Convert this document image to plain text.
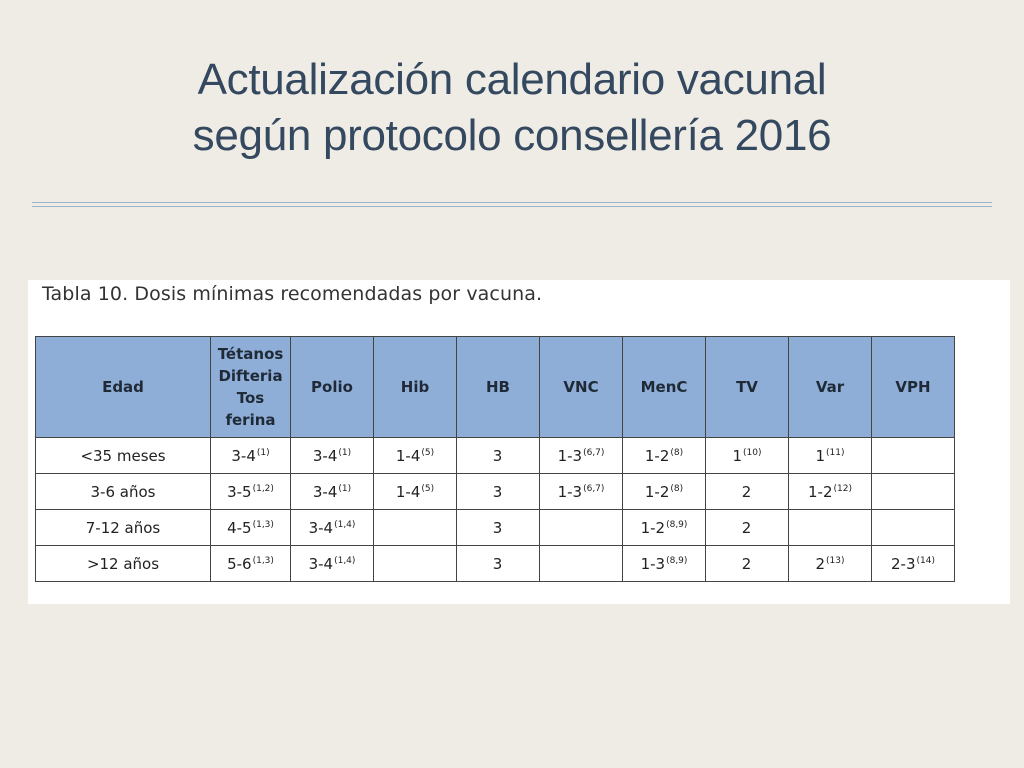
Actualización calendario vacunal
según protocolo consellería 2016
Tabla 10. Dosis mínimas recomendadas por vacuna.
Edad	Tétanos
Difteria
Tos
ferina	Polio	Hib	HB	VNC	MenC	TV	Var	VPH
<35 meses	3-4$^{(1)}$	3-4$^{(1)}$	1-4$^{(5)}$	3	1-3$^{(6,7)}$	1-2$^{(8)}$	1$^{(10)}$	1$^{(11)}$	
3-6 años	3-5$^{(1,2)}$	3-4$^{(1)}$	1-4$^{(5)}$	3	1-3$^{(6,7)}$	1-2$^{(8)}$	2	1-2$^{(12)}$	
7-12 años	4-5$^{(1,3)}$	3-4$^{(1,4)}$		3		1-2$^{(8,9)}$	2		
>12 años	5-6$^{(1,3)}$	3-4$^{(1,4)}$		3		1-3$^{(8,9)}$	2	2$^{(13)}$	2-3$^{(14)}$
